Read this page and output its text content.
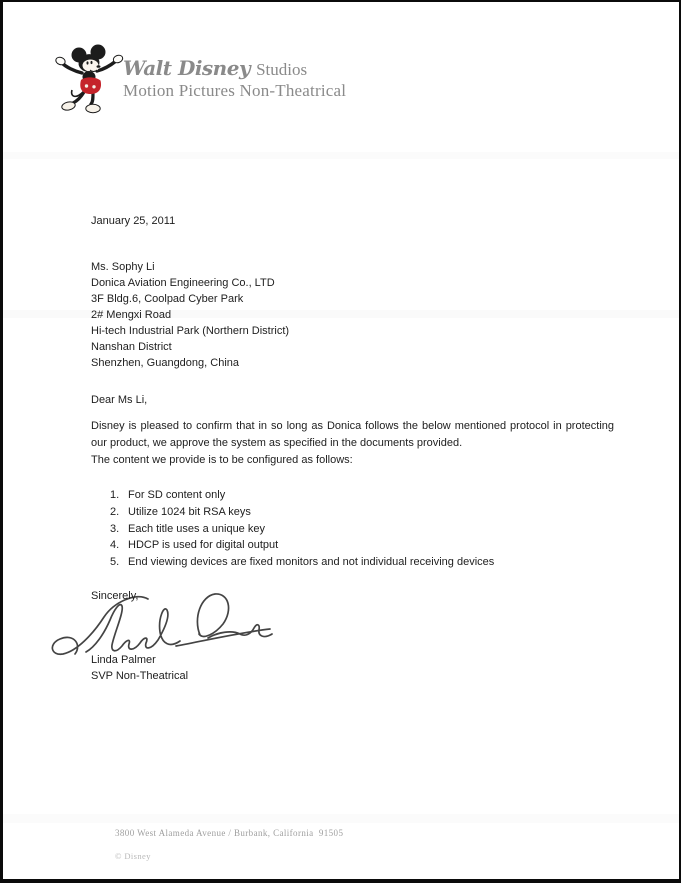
Walt Disney Studios
Motion Pictures Non-Theatrical
January 25, 2011
Ms. Sophy Li
Donica Aviation Engineering Co., LTD
3F Bldg.6, Coolpad Cyber Park
2# Mengxi Road
Hi-tech Industrial Park (Northern District)
Nanshan District
Shenzhen, Guangdong, China
Dear Ms Li,
Disney is pleased to confirm that in so long as Donica follows the below mentioned protocol in protecting our product, we approve the system as specified in the documents provided.
The content we provide is to be configured as follows:
1. For SD content only
2. Utilize 1024 bit RSA keys
3. Each title uses a unique key
4. HDCP is used for digital output
5. End viewing devices are fixed monitors and not individual receiving devices
Sincerely,
Linda Palmer
SVP Non-Theatrical
3800 West Alameda Avenue / Burbank, California  91505
© Disney
